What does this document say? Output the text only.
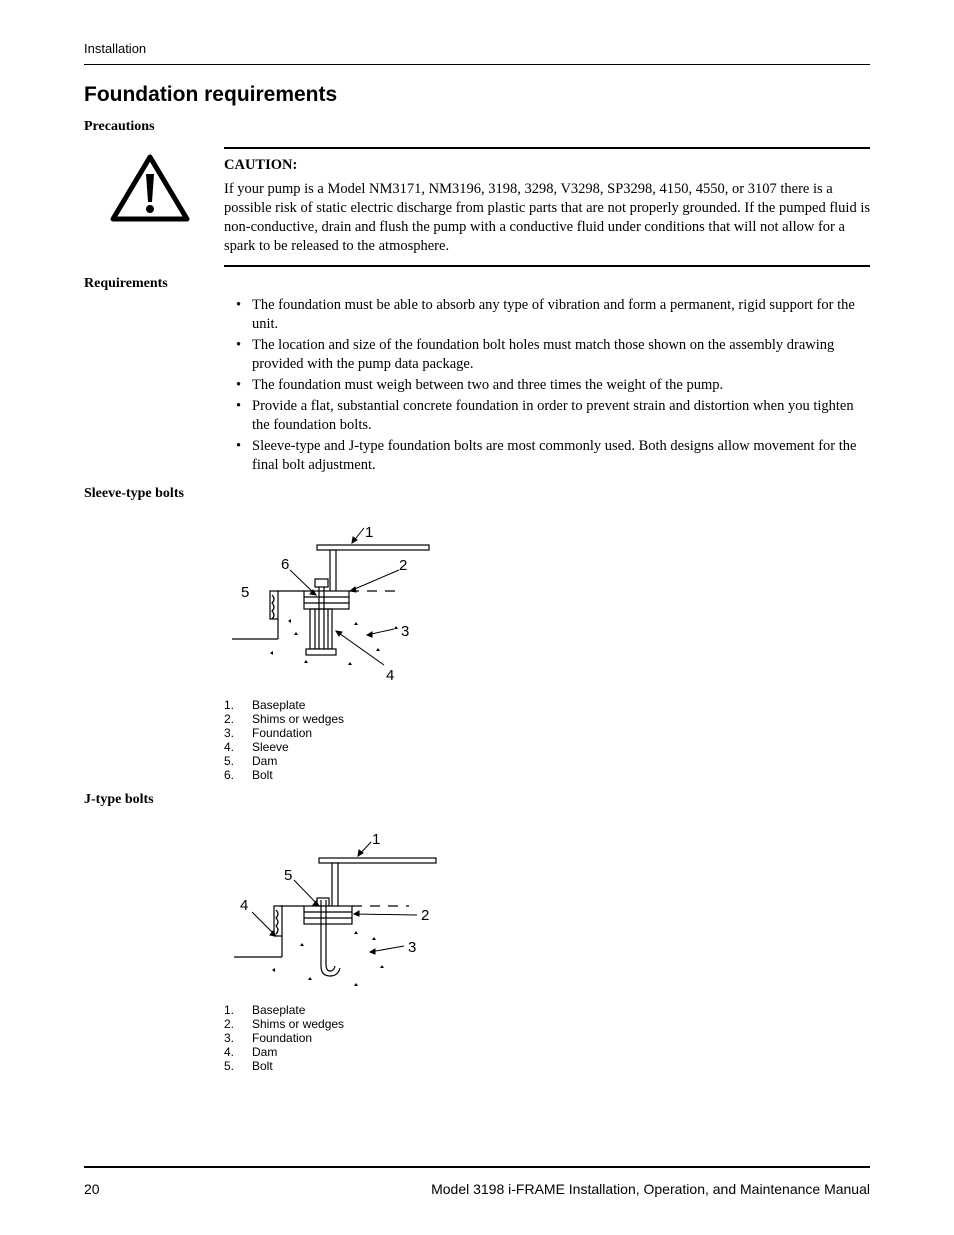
Installation
Foundation requirements
Precautions
CAUTION:
If your pump is a Model NM3171, NM3196, 3198, 3298, V3298, SP3298, 4150, 4550, or 3107 there is a possible risk of static electric discharge from plastic parts that are not properly grounded. If the pumped fluid is non-conductive, drain and flush the pump with a conductive fluid under conditions that will not allow for a spark to be released to the atmosphere.
Requirements
• The foundation must be able to absorb any type of vibration and form a permanent, rigid support for the unit.
• The location and size of the foundation bolt holes must match those shown on the assembly drawing provided with the pump data package.
• The foundation must weigh between two and three times the weight of the pump.
• Provide a flat, substantial concrete foundation in order to prevent strain and distortion when you tighten the foundation bolts.
• Sleeve-type and J-type foundation bolts are most commonly used. Both designs allow movement for the final bolt adjustment.
Sleeve-type bolts
1
2
3
4
5
6
1.	Baseplate
2.	Shims or wedges
3.	Foundation
4.	Sleeve
5.	Dam
6.	Bolt
J-type bolts
1
5
4
2
3
1.	Baseplate
2.	Shims or wedges
3.	Foundation
4.	Dam
5.	Bolt
20	Model 3198 i-FRAME Installation, Operation, and Maintenance Manual
